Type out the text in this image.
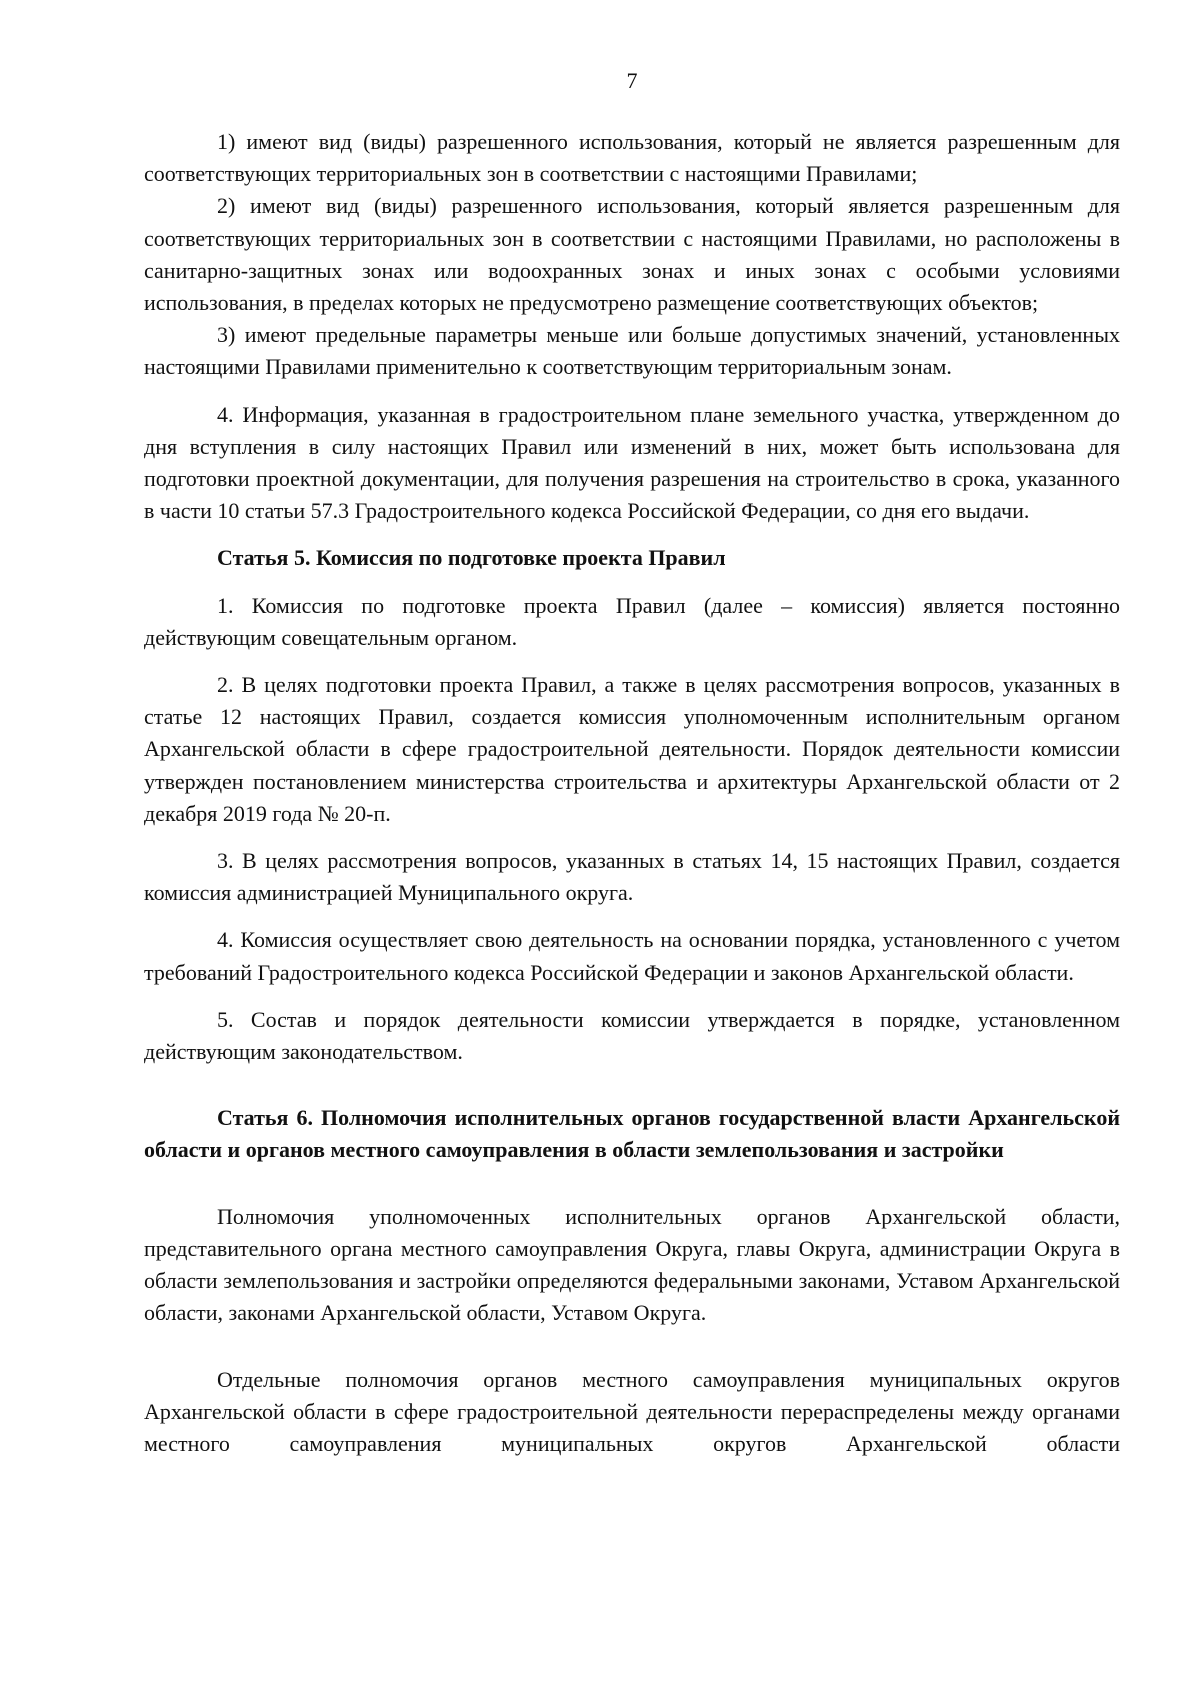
7

1) имеют вид (виды) разрешенного использования, который не является разрешенным для соответствующих территориальных зон в соответствии с настоящими Правилами;

2) имеют вид (виды) разрешенного использования, который является разрешенным для соответствующих территориальных зон в соответствии с настоящими Правилами, но расположены в санитарно-защитных зонах или водоохранных зонах и иных зонах с особыми условиями использования, в пределах которых не предусмотрено размещение соответствующих объектов;

3) имеют предельные параметры меньше или больше допустимых значений, установленных настоящими Правилами применительно к соответствующим территориальным зонам.

4. Информация, указанная в градостроительном плане земельного участка, утвержденном до дня вступления в силу настоящих Правил или изменений в них, может быть использована для подготовки проектной документации, для получения разрешения на строительство в срока, указанного в части 10 статьи 57.3 Градостроительного кодекса Российской Федерации, со дня его выдачи.

Статья 5. Комиссия по подготовке проекта Правил

1. Комиссия по подготовке проекта Правил (далее – комиссия) является постоянно действующим совещательным органом.

2. В целях подготовки проекта Правил, а также в целях рассмотрения вопросов, указанных в статье 12 настоящих Правил, создается комиссия уполномоченным исполнительным органом Архангельской области в сфере градостроительной деятельности. Порядок деятельности комиссии утвержден постановлением министерства строительства и архитектуры Архангельской области от 2 декабря 2019 года № 20-п.

3. В целях рассмотрения вопросов, указанных в статьях 14, 15 настоящих Правил, создается комиссия администрацией Муниципального округа.

4. Комиссия осуществляет свою деятельность на основании порядка, установленного с учетом требований Градостроительного кодекса Российской Федерации и законов Архангельской области.

5. Состав и порядок деятельности комиссии утверждается в порядке, установленном действующим законодательством.

Статья 6. Полномочия исполнительных органов государственной власти Архангельской области и органов местного самоуправления в области землепользования и застройки

Полномочия уполномоченных исполнительных органов Архангельской области, представительного органа местного самоуправления Округа, главы Округа, администрации Округа в области землепользования и застройки определяются федеральными законами, Уставом Архангельской области, законами Архангельской области, Уставом Округа.

Отдельные полномочия органов местного самоуправления муниципальных округов Архангельской области в сфере градостроительной деятельности перераспределены между органами местного самоуправления муниципальных округов Архангельской области
